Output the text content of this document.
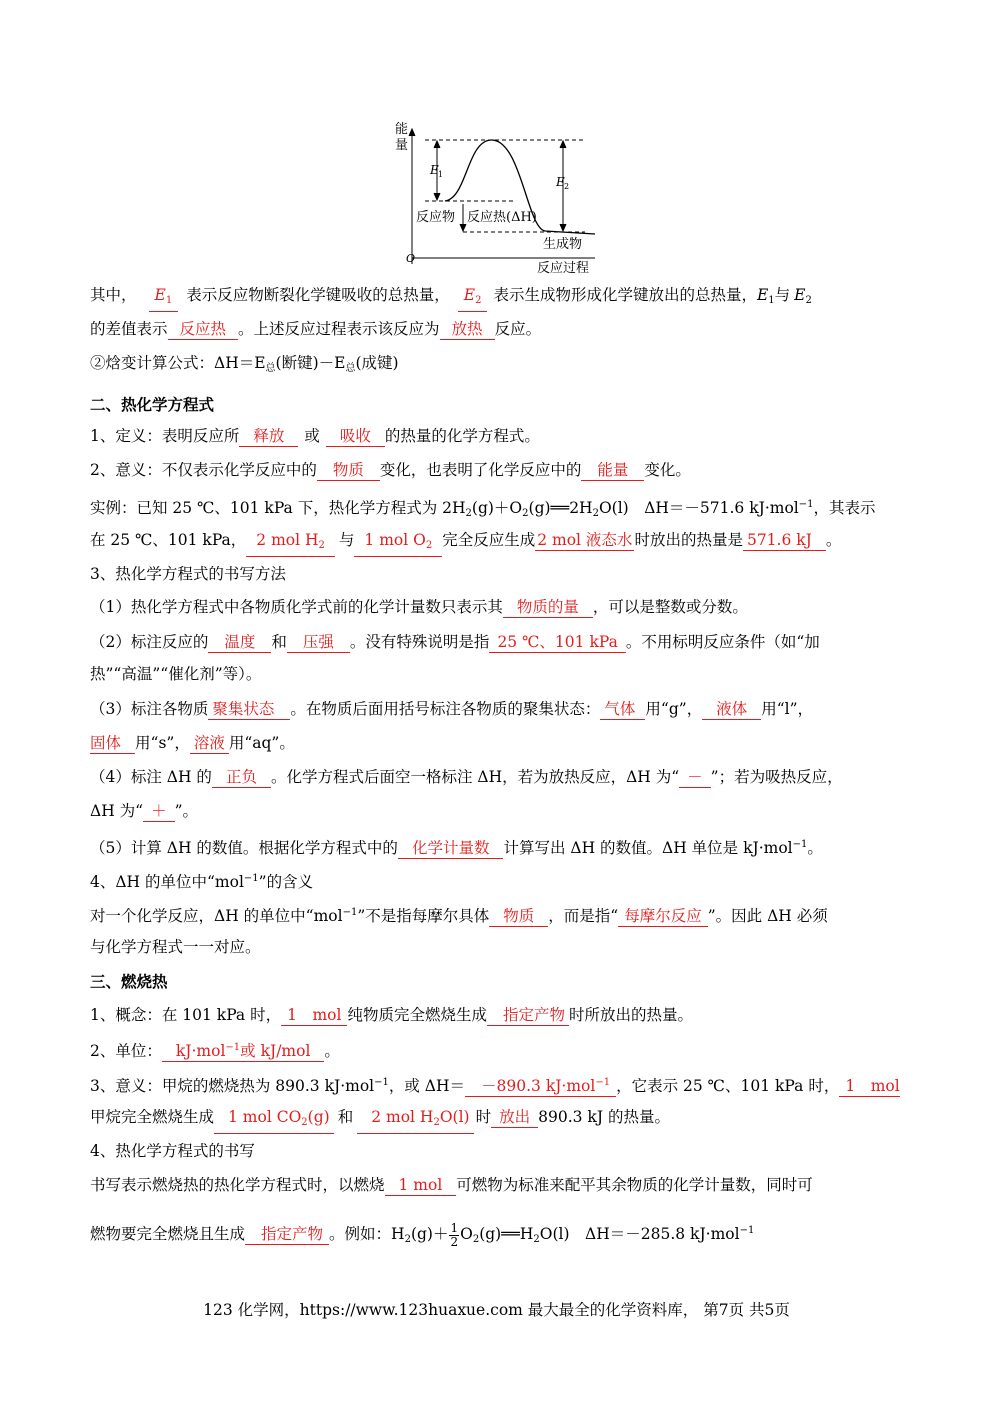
能
量
E 1
E 2
反应物 反应热(ΔH)
生成物
O
反应过程
其中， $E_1$ 表示反应物断裂化学键吸收的总热量， $E_2$ 表示生成物形成化学键放出的总热量，$E_1$与 $E_2$
的差值表示 反应热 。上述反应过程表示该反应为 放热 反应。
②焓变计算公式：$\Delta H=E_总$(断键)$-E_总$(成键)
二、热化学方程式
1、定义：表明反应所 释放 或 吸收 的热量的化学方程式。
2、意义：不仅表示化学反应中的 物质 变化，也表明了化学反应中的 能量 变化。
实例：已知 25 ℃、101 kPa 下，热化学方程式为 $2H_2(g)+O_2(g)══2H_2O(l)$　ΔH＝－571.6 kJ·mol$^{-1}$，其表示
在 25 ℃、101 kPa， 2 mol $H_2$ 与 1 mol $O_2$ 完全反应生成 2 mol 液态水 时放出的热量是 571.6 kJ 。
3、热化学方程式的书写方法
（1）热化学方程式中各物质化学式前的化学计量数只表示其 物质的量 ，可以是整数或分数。
（2）标注反应的 温度 和 压强 。没有特殊说明是指 25 ℃、101 kPa 。不用标明反应条件（如“加
热”“高温”“催化剂”等）。
（3）标注各物质 聚集状态 。在物质后面用括号标注各物质的聚集状态： 气体 用“g”， 液体 用“l”，
固体 用“s”， 溶液 用“aq”。
（4）标注 ΔH 的 正负 。化学方程式后面空一格标注 ΔH，若为放热反应，ΔH 为“ － ”；若为吸热反应，
ΔH 为“ ＋ ”。
（5）计算 ΔH 的数值。根据化学方程式中的 化学计量数 计算写出 ΔH 的数值。ΔH 单位是 kJ·mol$^{-1}$。
4、ΔH 的单位中“mol$^{-1}$”的含义
对一个化学反应，ΔH 的单位中“mol$^{-1}$”不是指每摩尔具体 物质 ，而是指“ 每摩尔反应 ”。因此 ΔH 必须
与化学方程式一一对应。
三、燃烧热
1、概念：在 101 kPa 时， 1　mol 纯物质完全燃烧生成 指定产物 时所放出的热量。
2、单位： kJ·mol$^{-1}$或 kJ/mol 。
3、意义：甲烷的燃烧热为 890.3 kJ·mol$^{-1}$，或 ΔH＝ －890.3 kJ·mol$^{-1}$ ，它表示 25 ℃、101 kPa 时， 1　mol
甲烷完全燃烧生成 1 mol $CO_2(g)$ 和 2 mol $H_2O(l)$ 时 放出 890.3 kJ 的热量。
4、热化学方程式的书写
书写表示燃烧热的热化学方程式时，以燃烧 1 mol 可燃物为标准来配平其余物质的化学计量数，同时可
燃物要完全燃烧且生成 指定产物 。例如：$H_2(g)+ \frac{1}{2}$ $O_2(g)══H_2O(l)$　ΔH＝－285.8 kJ·mol$^{-1}$
123 化学网，https://www.123huaxue.com 最大最全的化学资料库， 第7页 共5页
